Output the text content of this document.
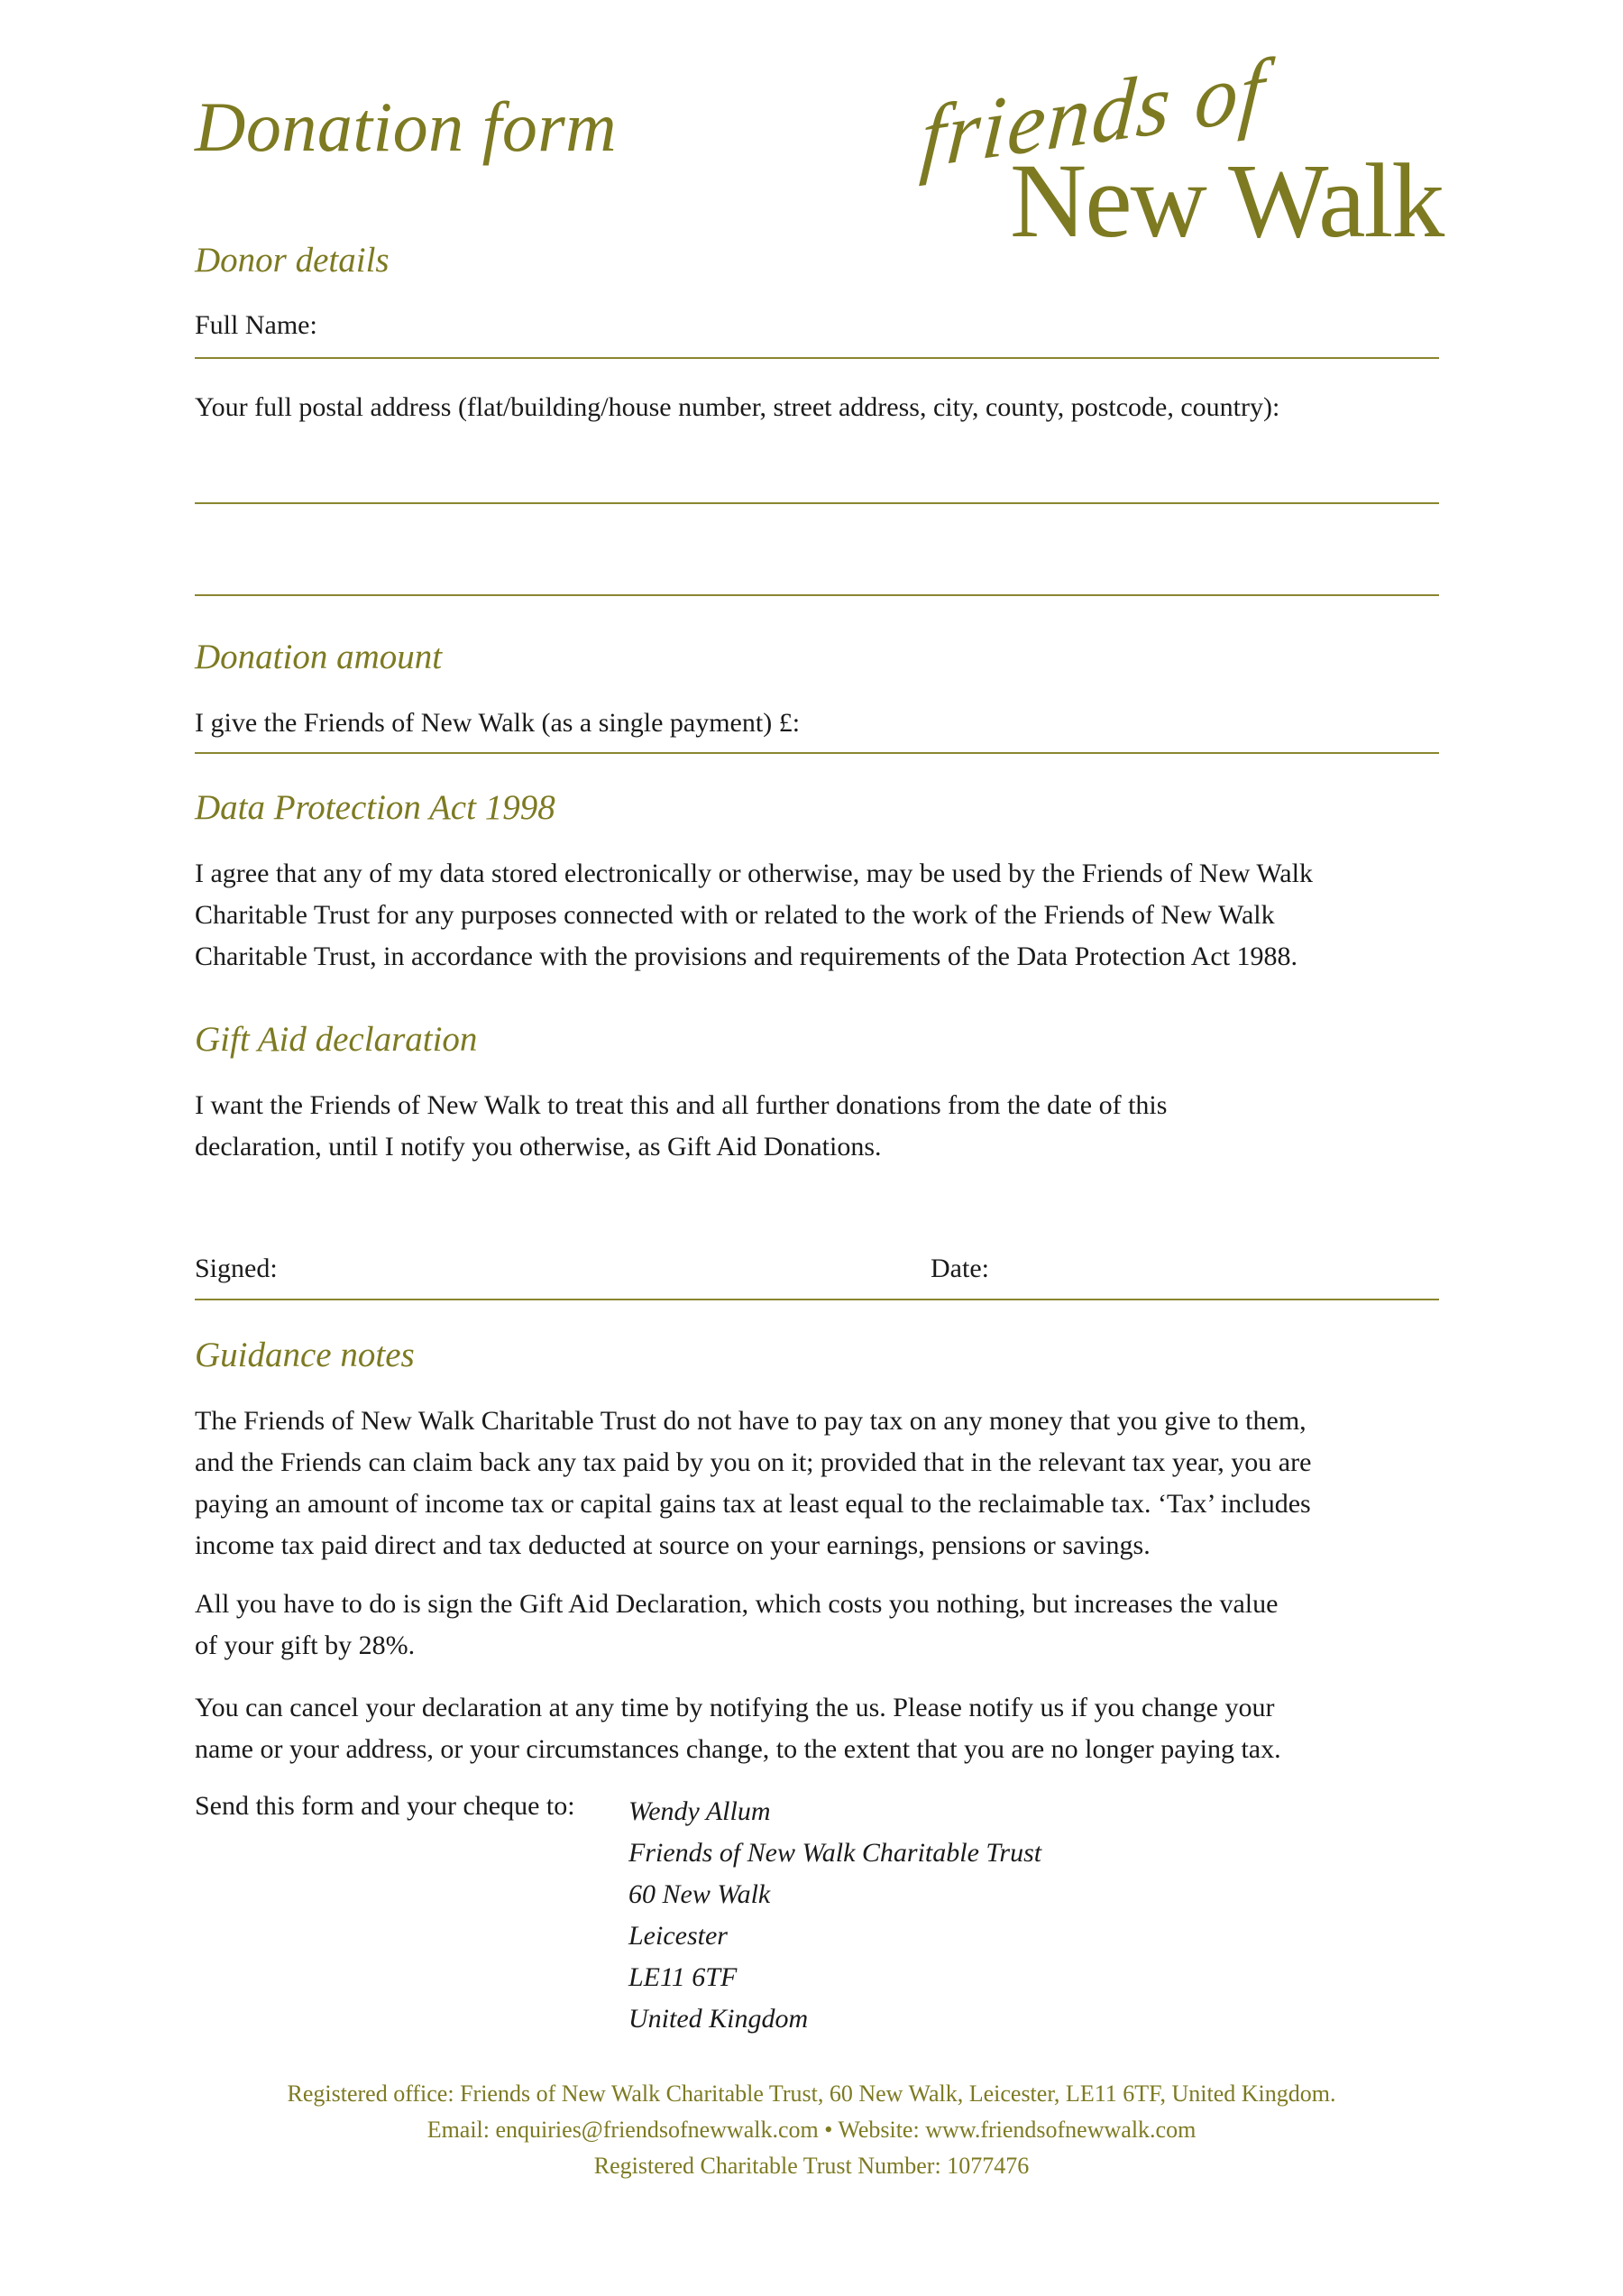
Donation form	friends of
New Walk
Donor details
Full Name:
Your full postal address (flat/building/house number, street address, city, county, postcode, country):
Donation amount
I give the Friends of New Walk (as a single payment) £:
Data Protection Act 1998
I agree that any of my data stored electronically or otherwise, may be used by the Friends of New Walk
Charitable Trust for any purposes connected with or related to the work of the Friends of New Walk
Charitable Trust, in accordance with the provisions and requirements of the Data Protection Act 1988.
Gift Aid declaration
I want the Friends of New Walk to treat this and all further donations from the date of this
declaration, until I notify you otherwise, as Gift Aid Donations.
Signed:	Date:
Guidance notes
The Friends of New Walk Charitable Trust do not have to pay tax on any money that you give to them,
and the Friends can claim back any tax paid by you on it; provided that in the relevant tax year, you are
paying an amount of income tax or capital gains tax at least equal to the reclaimable tax. ‘Tax’ includes
income tax paid direct and tax deducted at source on your earnings, pensions or savings.
All you have to do is sign the Gift Aid Declaration, which costs you nothing, but increases the value
of your gift by 28%.
You can cancel your declaration at any time by notifying the us. Please notify us if you change your
name or your address, or your circumstances change, to the extent that you are no longer paying tax.
Send this form and your cheque to: Wendy Allum
Friends of New Walk Charitable Trust
60 New Walk
Leicester
LE11 6TF
United Kingdom
Registered office: Friends of New Walk Charitable Trust, 60 New Walk, Leicester, LE11 6TF, United Kingdom.
Email: enquiries@friendsofnewwalk.com • Website: www.friendsofnewwalk.com
Registered Charitable Trust Number: 1077476
